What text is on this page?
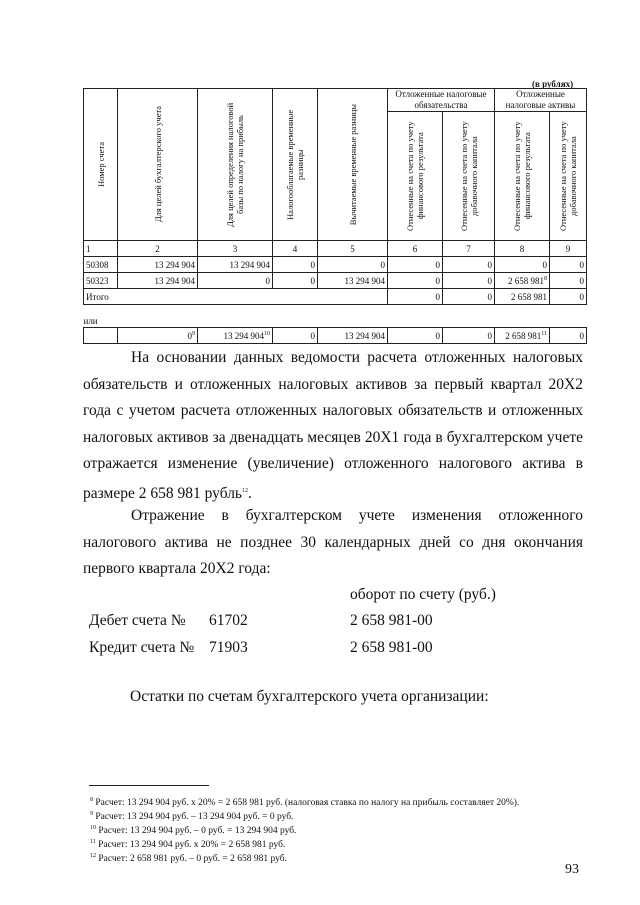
(в рублях)
Номер счета	Для целей бухгалтерского учета	Для целей определения налоговой базы по налогу на прибыль	Налогооблагаемые временные разницы	Вычитаемые временные разницы	Отложенные налоговые обязательства		Отложенные налоговые активы	

					Отнесенные на счета по учету финансового результата	Отнесенные на счета по учету добавочного капитала	Отнесенные на счета по учету финансового результата	Отнесенные на счета по учету добавочного капитала

1	2	3	4	5	6	7	8	9
50308	13 294 904	13 294 904	0	0	0	0	0	0
50323	13 294 904	0	0	13 294 904	0	0	2 658 $981^8$	0
Итого					0	0	2 658 981	0

или								
	$0^9$	13 294 $904^{10}$	0	13 294 904	0	0	2 658 $981^{11}$	0
На основании данных ведомости расчета отложенных налоговых обязательств и отложенных налоговых активов за первый квартал 20Х2 года с учетом расчета отложенных налоговых обязательств и отложенных налоговых активов за двенадцать месяцев 20Х1 года в бухгалтерском учете отражается изменение (увеличение) отложенного налогового актива в размере 2 658 981 рубль$^{12}$.
Отражение в бухгалтерском учете изменения отложенного налогового актива не позднее 30 календарных дней со дня окончания первого квартала 20Х2 года:
оборот по счету (руб.)
Дебет счета № 61702	2 658 981-00
Кредит счета № 71903	2 658 981-00
Остатки по счетам бухгалтерского учета организации:
$^8$ Расчет: 13 294 904 руб. x 20% = 2 658 981 руб. (налоговая ставка по налогу на прибыль составляет 20%).
$^9$ Расчет: 13 294 904 руб. – 13 294 904 руб. = 0 руб.
$^{10}$ Расчет: 13 294 904 руб. – 0 руб. = 13 294 904 руб.
$^{11}$ Расчет: 13 294 904 руб. x 20% = 2 658 981 руб.
$^{12}$ Расчет: 2 658 981 руб. – 0 руб. = 2 658 981 руб.
93
